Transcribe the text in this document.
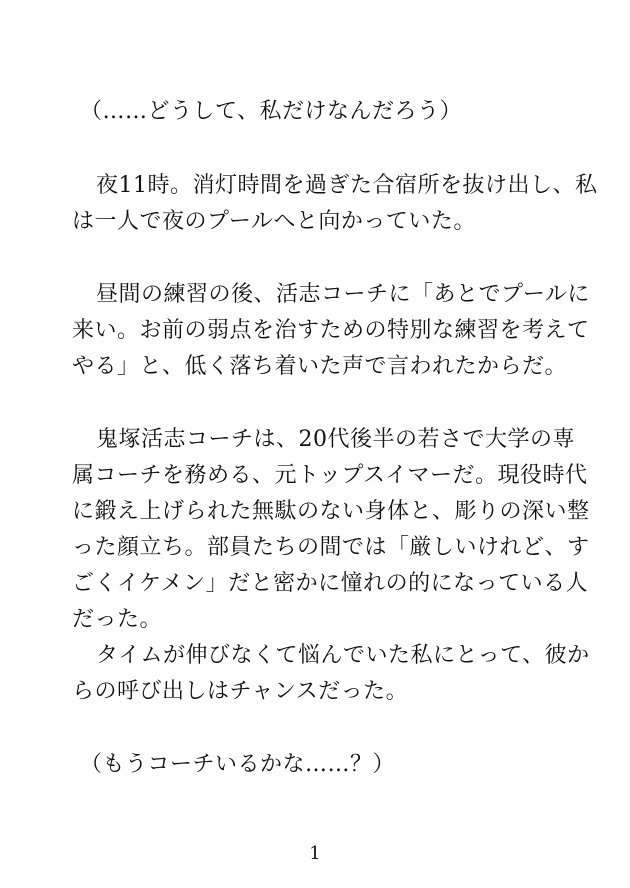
（……どうして、私だけなんだろう）
夜11時。消灯時間を過ぎた合宿所を抜け出し、私
は一人で夜のプールへと向かっていた。
昼間の練習の後、活志コーチに「あとでプールに
来い。お前の弱点を治すための特別な練習を考えて
やる」と、低く落ち着いた声で言われたからだ。
鬼塚活志コーチは、20代後半の若さで大学の専
属コーチを務める、元トップスイマーだ。現役時代
に鍛え上げられた無駄のない身体と、彫りの深い整
った顔立ち。部員たちの間では「厳しいけれど、す
ごくイケメン」だと密かに憧れの的になっている人
だった。
タイムが伸びなくて悩んでいた私にとって、彼か
らの呼び出しはチャンスだった。
（もうコーチいるかな……？）
1
